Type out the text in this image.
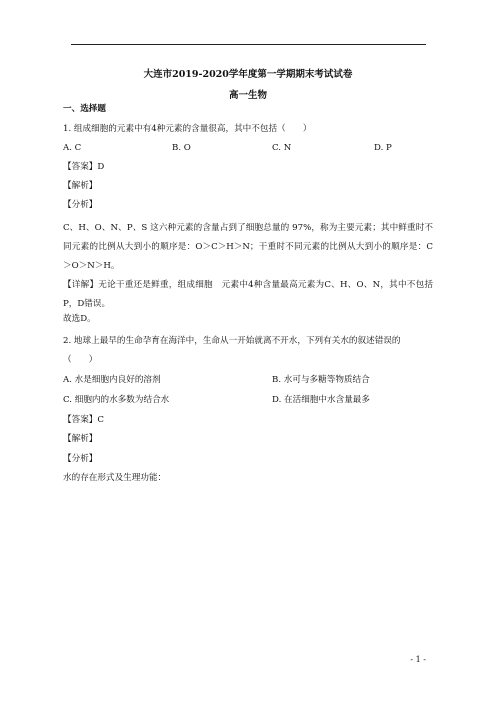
大连市2019-2020学年度第一学期期末考试试卷
高一生物
一、选择题
1. 组成细胞的元素中有4种元素的含量很高，其中不包括（　　）
A. C	B. O	C. N	D. P
【答案】D
【解析】
【分析】
C、H、O、N、P、S 这六种元素的含量占到了细胞总量的 97%，称为主要元素；其中鲜重时不同元素的比例从大到小的顺序是：O＞C＞H＞N；干重时不同元素的比例从大到小的顺序是：C＞O＞N＞H。
【详解】无论干重还是鲜重，组成细胞　元素中4种含量最高元素为C、H、O、N，其中不包括P，D错误。
故选D。
2. 地球上最早的生命孕育在海洋中，生命从一开始就离不开水，下列有关水的叙述错误的
（　　）
A. 水是细胞内良好的溶剂	B. 水可与多糖等物质结合
C. 细胞内的水多数为结合水	D. 在活细胞中水含量最多
【答案】C
【解析】
【分析】
水的存在形式及生理功能：
- 1 -
